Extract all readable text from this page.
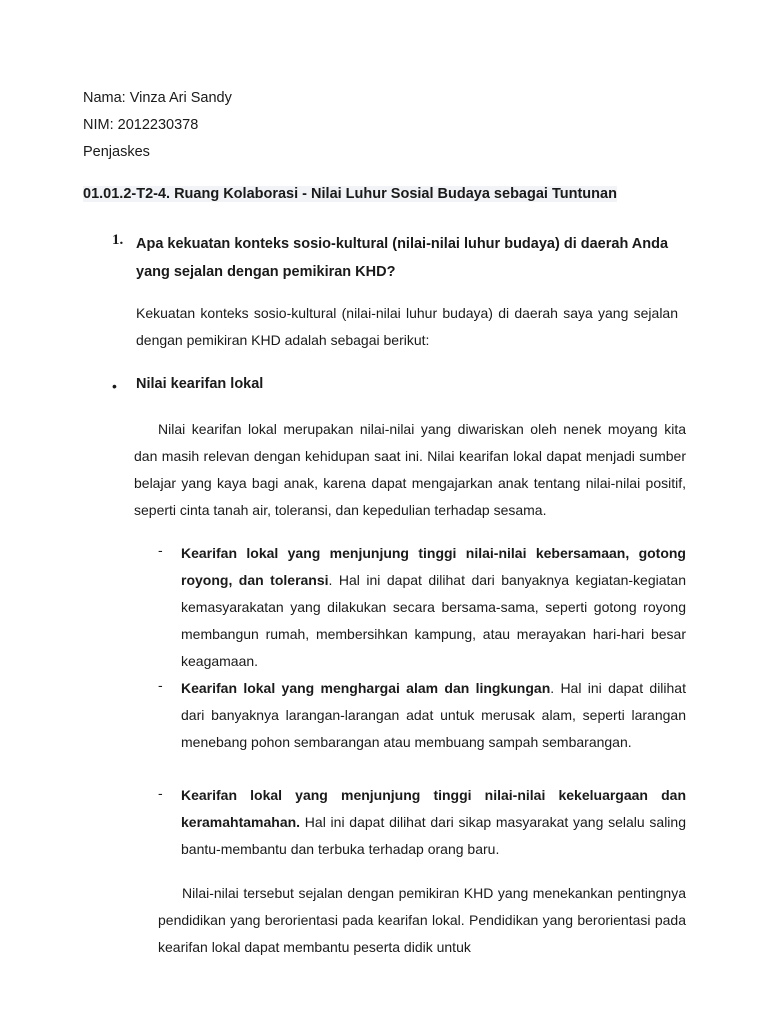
Nama: Vinza Ari Sandy
NIM: 2012230378
Penjaskes
01.01.2-T2-4. Ruang Kolaborasi - Nilai Luhur Sosial Budaya sebagai Tuntunan
1. Apa kekuatan konteks sosio-kultural (nilai-nilai luhur budaya) di daerah Anda yang sejalan dengan pemikiran KHD?
Kekuatan konteks sosio-kultural (nilai-nilai luhur budaya) di daerah saya yang sejalan dengan pemikiran KHD adalah sebagai berikut:
• Nilai kearifan lokal
Nilai kearifan lokal merupakan nilai-nilai yang diwariskan oleh nenek moyang kita dan masih relevan dengan kehidupan saat ini. Nilai kearifan lokal dapat menjadi sumber belajar yang kaya bagi anak, karena dapat mengajarkan anak tentang nilai-nilai positif, seperti cinta tanah air, toleransi, dan kepedulian terhadap sesama.
- Kearifan lokal yang menjunjung tinggi nilai-nilai kebersamaan, gotong royong, dan toleransi. Hal ini dapat dilihat dari banyaknya kegiatan-kegiatan kemasyarakatan yang dilakukan secara bersama-sama, seperti gotong royong membangun rumah, membersihkan kampung, atau merayakan hari-hari besar keagamaan.
- Kearifan lokal yang menghargai alam dan lingkungan. Hal ini dapat dilihat dari banyaknya larangan-larangan adat untuk merusak alam, seperti larangan menebang pohon sembarangan atau membuang sampah sembarangan.
- Kearifan lokal yang menjunjung tinggi nilai-nilai kekeluargaan dan keramahtamahan. Hal ini dapat dilihat dari sikap masyarakat yang selalu saling bantu-membantu dan terbuka terhadap orang baru.
Nilai-nilai tersebut sejalan dengan pemikiran KHD yang menekankan pentingnya pendidikan yang berorientasi pada kearifan lokal. Pendidikan yang berorientasi pada kearifan lokal dapat membantu peserta didik untuk
